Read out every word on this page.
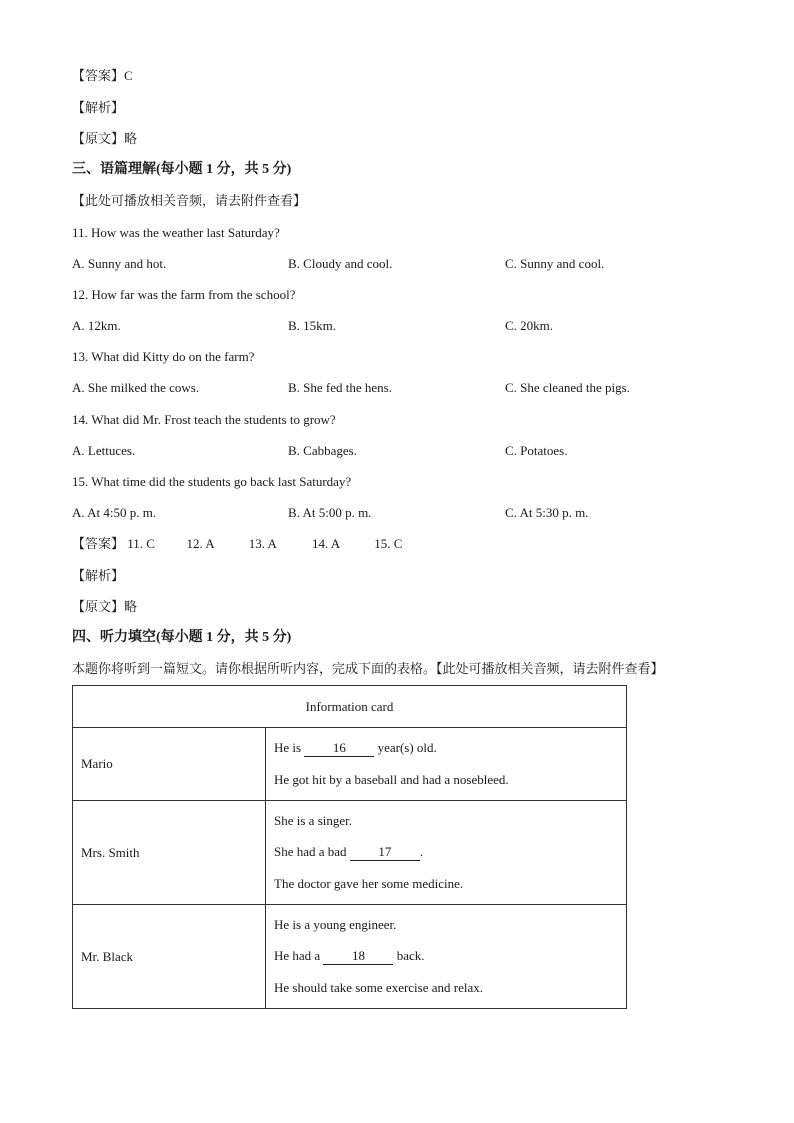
【答案】C
【解析】
【原文】略
三、语篇理解(每小题 1 分，共 5 分)
【此处可播放相关音频，请去附件查看】
11. How was the weather last Saturday?
A. Sunny and hot.	B. Cloudy and cool.	C. Sunny and cool.
12. How far was the farm from the school?
A. 12km.	B. 15km.	C. 20km.
13. What did Kitty do on the farm?
A. She milked the cows.	B. She fed the hens.	C. She cleaned the pigs.
14. What did Mr. Frost teach the students to grow?
A. Lettuces.	B. Cabbages.	C. Potatoes.
15. What time did the students go back last Saturday?
A. At 4:50 p. m.	B. At 5:00 p. m.	C. At 5:30 p. m.
【答案】 11. C 12. A	13. A	14. A	15. C
【解析】
【原文】略
四、听力填空(每小题 1 分，共 5 分)
本题你将听到一篇短文。请你根据所听内容，完成下面的表格。【此处可播放相关音频，请去附件查看】
Information card	
Mario	He is 16 year(s) old.

He got hit by a baseball and had a nosebleed.

Mrs. Smith	She is a singer.

She had a bad 17 .

The doctor gave her some medicine.

Mr. Black	He is a young engineer.

He had a 18 back.

He should take some exercise and relax.
